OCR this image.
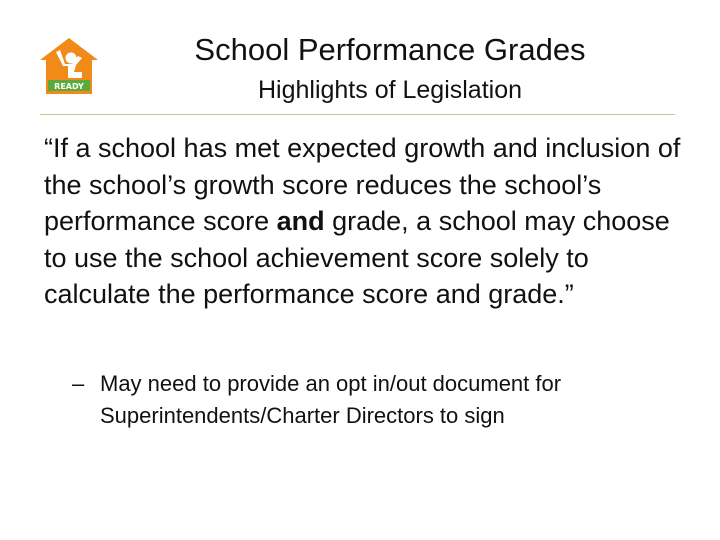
READY
School Performance Grades
Highlights of Legislation

“If a school has met expected growth and inclusion of the school’s growth score reduces the school’s performance score and grade, a school may choose to use the school achievement score solely to calculate the performance score and grade.”

– May need to provide an opt in/out document for
Superintendents/Charter Directors to sign
